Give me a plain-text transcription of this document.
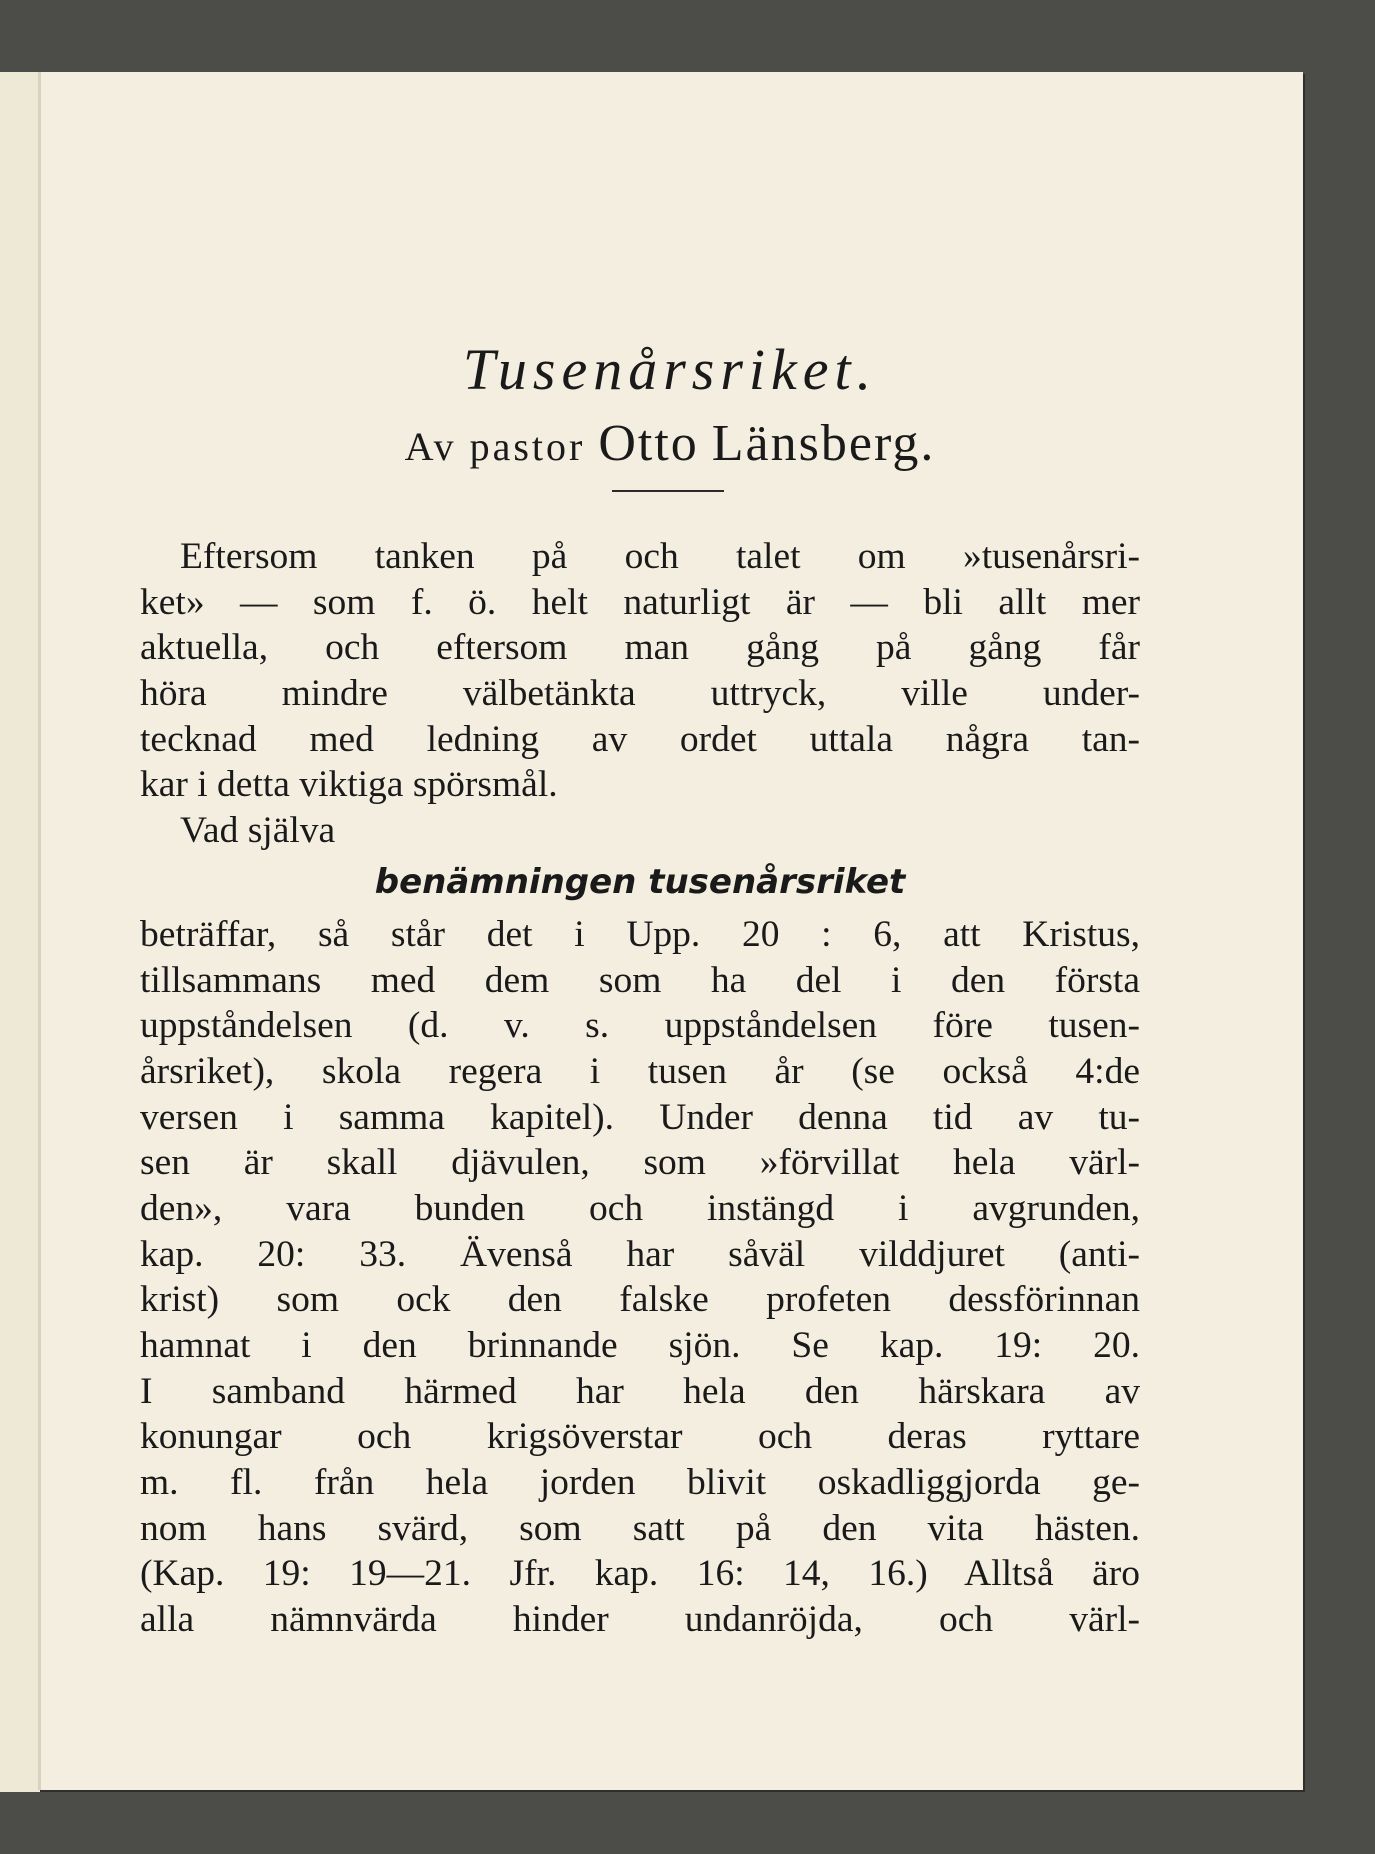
Tusenårsriket.
Av pastor Otto Länsberg.
Eftersom tanken på och talet om »tusenårsri-
ket» — som f. ö. helt naturligt är — bli allt mer
aktuella, och eftersom man gång på gång får
höra mindre välbetänkta uttryck, ville under-
tecknad med ledning av ordet uttala några tan-
kar i detta viktiga spörsmål.
Vad själva
benämningen tusenårsriket
beträffar, så står det i Upp. 20 : 6, att Kristus,
tillsammans med dem som ha del i den första
uppståndelsen (d. v. s. uppståndelsen före tusen-
årsriket), skola regera i tusen år (se också 4:de
versen i samma kapitel). Under denna tid av tu-
sen är skall djävulen, som »förvillat hela värl-
den», vara bunden och instängd i avgrunden,
kap. 20: 33. Ävenså har såväl vilddjuret (anti-
krist) som ock den falske profeten dessförinnan
hamnat i den brinnande sjön. Se kap. 19: 20.
I samband härmed har hela den härskara av
konungar och krigsöverstar och deras ryttare
m. fl. från hela jorden blivit oskadliggjorda ge-
nom hans svärd, som satt på den vita hästen.
(Kap. 19: 19—21. Jfr. kap. 16: 14, 16.) Alltså äro
alla nämnvärda hinder undanröjda, och värl-
